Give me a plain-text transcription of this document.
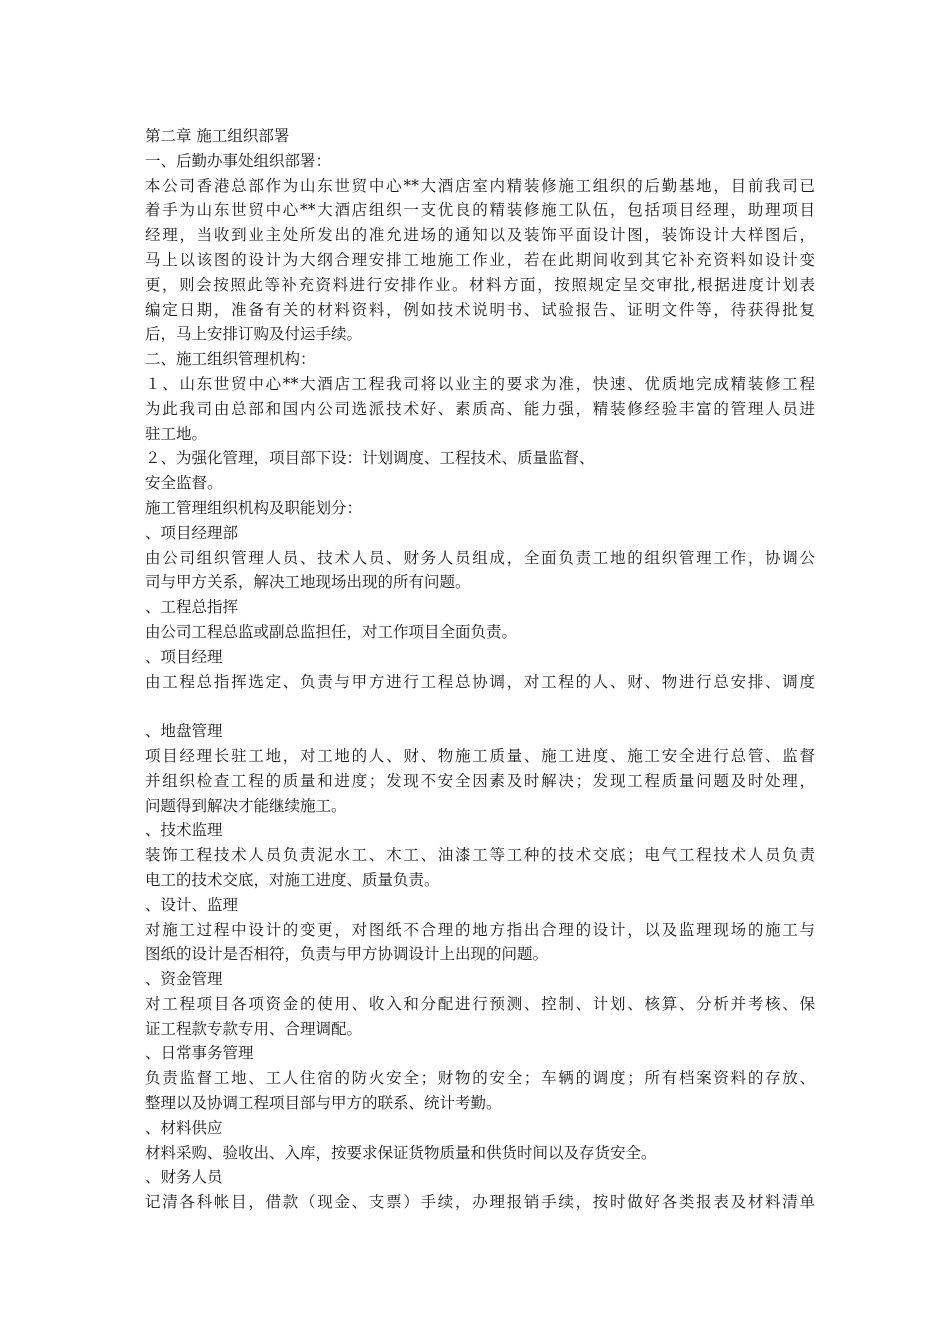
第二章 施工组织部署
一、后勤办事处组织部署：
本公司香港总部作为山东世贸中心**大酒店室内精装修施工组织的后勤基地，目前我司已
着手为山东世贸中心**大酒店组织一支优良的精装修施工队伍，包括项目经理，助理项目
经理，当收到业主处所发出的准允进场的通知以及装饰平面设计图，装饰设计大样图后，
马上以该图的设计为大纲合理安排工地施工作业，若在此期间收到其它补充资料如设计变
更，则会按照此等补充资料进行安排作业。材料方面，按照规定呈交审批,根据进度计划表
编定日期，准备有关的材料资料，例如技术说明书、试验报告、证明文件等，待获得批复
后，马上安排订购及付运手续。
二、施工组织管理机构：
１、山东世贸中心**大酒店工程我司将以业主的要求为准，快速、优质地完成精装修工程
为此我司由总部和国内公司选派技术好、素质高、能力强，精装修经验丰富的管理人员进
驻工地。
２、为强化管理，项目部下设：计划调度、工程技术、质量监督、
安全监督。
施工管理组织机构及职能划分：
、项目经理部
由公司组织管理人员、技术人员、财务人员组成，全面负责工地的组织管理工作，协调公
司与甲方关系，解决工地现场出现的所有问题。
、工程总指挥
由公司工程总监或副总监担任，对工作项目全面负责。
、项目经理
由工程总指挥选定、负责与甲方进行工程总协调，对工程的人、财、物进行总安排、调度
、地盘管理
项目经理长驻工地，对工地的人、财、物施工质量、施工进度、施工安全进行总管、监督
并组织检查工程的质量和进度；发现不安全因素及时解决；发现工程质量问题及时处理，
问题得到解决才能继续施工。
、技术监理
装饰工程技术人员负责泥水工、木工、油漆工等工种的技术交底；电气工程技术人员负责
电工的技术交底，对施工进度、质量负责。
、设计、监理
对施工过程中设计的变更，对图纸不合理的地方指出合理的设计，以及监理现场的施工与
图纸的设计是否相符，负责与甲方协调设计上出现的问题。
、资金管理
对工程项目各项资金的使用、收入和分配进行预测、控制、计划、核算、分析并考核、保
证工程款专款专用、合理调配。
、日常事务管理
负责监督工地、工人住宿的防火安全；财物的安全；车辆的调度；所有档案资料的存放、
整理以及协调工程项目部与甲方的联系、统计考勤。
、材料供应
材料采购、验收出、入库，按要求保证货物质量和供货时间以及存货安全。
、财务人员
记清各科帐目，借款（现金、支票）手续，办理报销手续，按时做好各类报表及材料清单
